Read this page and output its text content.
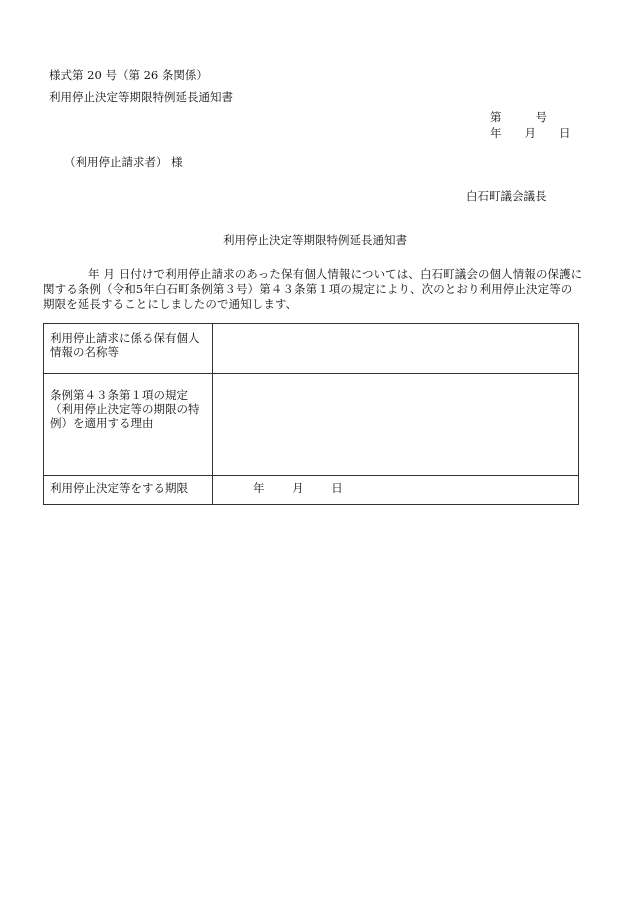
様式第 20 号（第 26 条関係）
利用停止決定等期限特例延長通知書
第	号
年 月 日
（利用停止請求者） 様
白石町議会議長
利用停止決定等期限特例延長通知書
年 月 日付けで利用停止請求のあった保有個人情報については、白石町議会の個人情報の保護に関する条例（令和5年白石町条例第３号）第４３条第１項の規定により、次のとおり利用停止決定等の期限を延長することにしましたので通知します、
利用停止請求に係る保有個人情報の名称等	
条例第４３条第１項の規定（利用停止決定等の期限の特例）を適用する理由	
利用停止決定等をする期限	年 月 日
